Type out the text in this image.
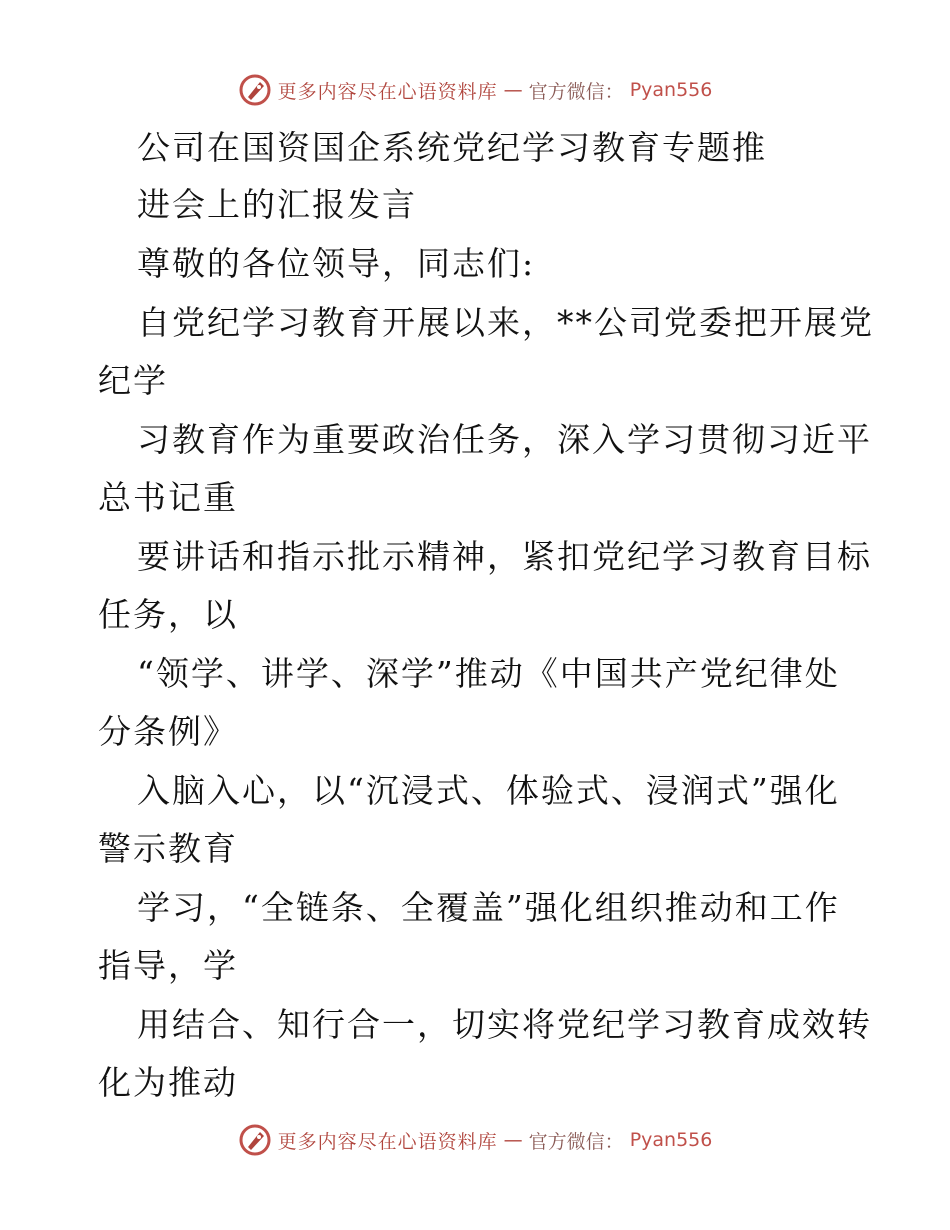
更多内容尽在心语资料库 — 官方微信： Pyan556
公司在国资国企系统党纪学习教育专题推
进会上的汇报发言
尊敬的各位领导，同志们:
自党纪学习教育开展以来，**公司党委把开展党
纪学
习教育作为重要政治任务，深入学习贯彻习近平
总书记重
要讲话和指示批示精神，紧扣党纪学习教育目标
任务，以
“领学、讲学、深学”推动《中国共产党纪律处
分条例》
入脑入心，以“沉浸式、体验式、浸润式”强化
警示教育
学习，“全链条、全覆盖”强化组织推动和工作
指导，学
用结合、知行合一，切实将党纪学习教育成效转
化为推动
更多内容尽在心语资料库 — 官方微信： Pyan556
